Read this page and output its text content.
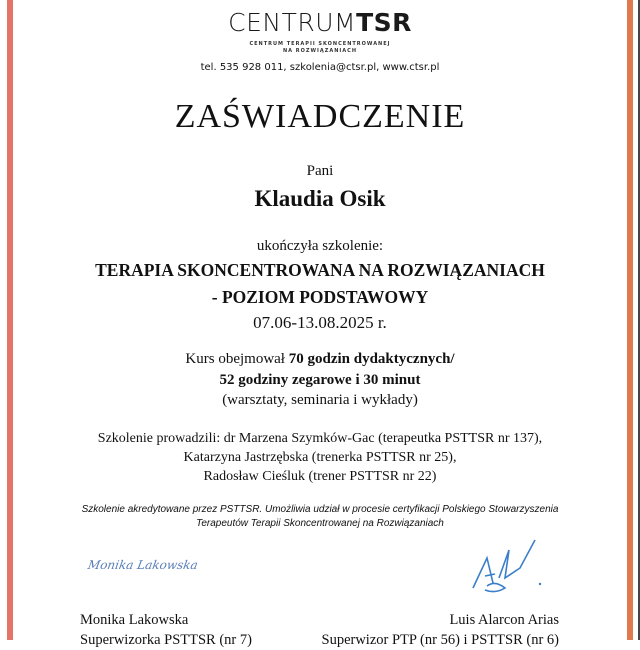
CENTRUMTSR
CENTRUM TERAPII SKONCENTROWANEJ
NA ROZWIĄZANIACH
tel. 535 928 011, szkolenia@ctsr.pl, www.ctsr.pl
ZAŚWIADCZENIE
Pani
Klaudia Osik
ukończyła szkolenie:
TERAPIA SKONCENTROWANA NA ROZWIĄZANIACH
- POZIOM PODSTAWOWY
07.06-13.08.2025 r.
Kurs obejmował 70 godzin dydaktycznych/
52 godziny zegarowe i 30 minut
(warsztaty, seminaria i wykłady)
Szkolenie prowadzili: dr Marzena Szymków-Gac (terapeutka PSTTSR nr 137),
Katarzyna Jastrzębska (trenerka PSTTSR nr 25),
Radosław Cieśluk (trener PSTTSR nr 22)
Szkolenie akredytowane przez PSTTSR. Umożliwia udział w procesie certyfikacji Polskiego Stowarzyszenia
Terapeutów Terapii Skoncentrowanej na Rozwiązaniach
Monika Lakowska
Monika Lakowska
Superwizorka PSTTSR (nr 7)
Luis Alarcon Arias
Superwizor PTP (nr 56) i PSTTSR (nr 6)
